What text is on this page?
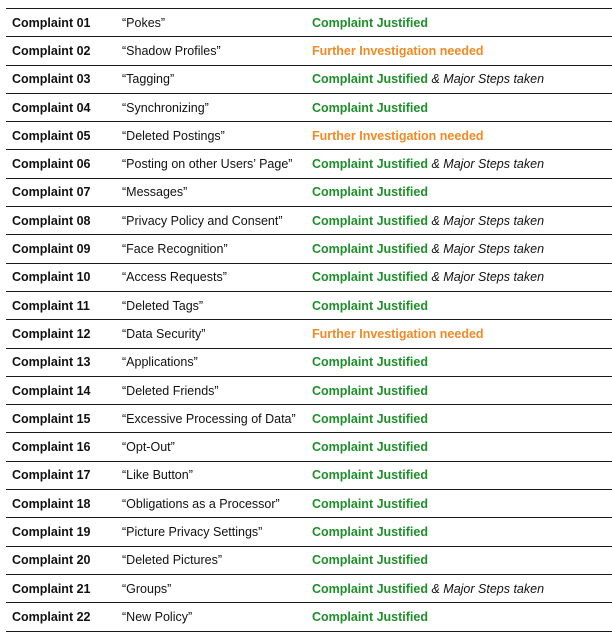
Complaint 01	“Pokes”	Complaint Justified
Complaint 02	“Shadow Profiles”	Further Investigation needed
Complaint 03	“Tagging”	Complaint Justified & Major Steps taken
Complaint 04	“Synchronizing”	Complaint Justified
Complaint 05	“Deleted Postings”	Further Investigation needed
Complaint 06	“Posting on other Users’ Page”	Complaint Justified & Major Steps taken
Complaint 07	“Messages”	Complaint Justified
Complaint 08	“Privacy Policy and Consent”	Complaint Justified & Major Steps taken
Complaint 09	“Face Recognition”	Complaint Justified & Major Steps taken
Complaint 10	“Access Requests”	Complaint Justified & Major Steps taken
Complaint 11	“Deleted Tags”	Complaint Justified
Complaint 12	“Data Security”	Further Investigation needed
Complaint 13	“Applications”	Complaint Justified
Complaint 14	“Deleted Friends”	Complaint Justified
Complaint 15	“Excessive Processing of Data”	Complaint Justified
Complaint 16	“Opt-Out”	Complaint Justified
Complaint 17	“Like Button”	Complaint Justified
Complaint 18	“Obligations as a Processor”	Complaint Justified
Complaint 19	“Picture Privacy Settings”	Complaint Justified
Complaint 20	“Deleted Pictures”	Complaint Justified
Complaint 21	“Groups”	Complaint Justified & Major Steps taken
Complaint 22	“New Policy”	Complaint Justified
